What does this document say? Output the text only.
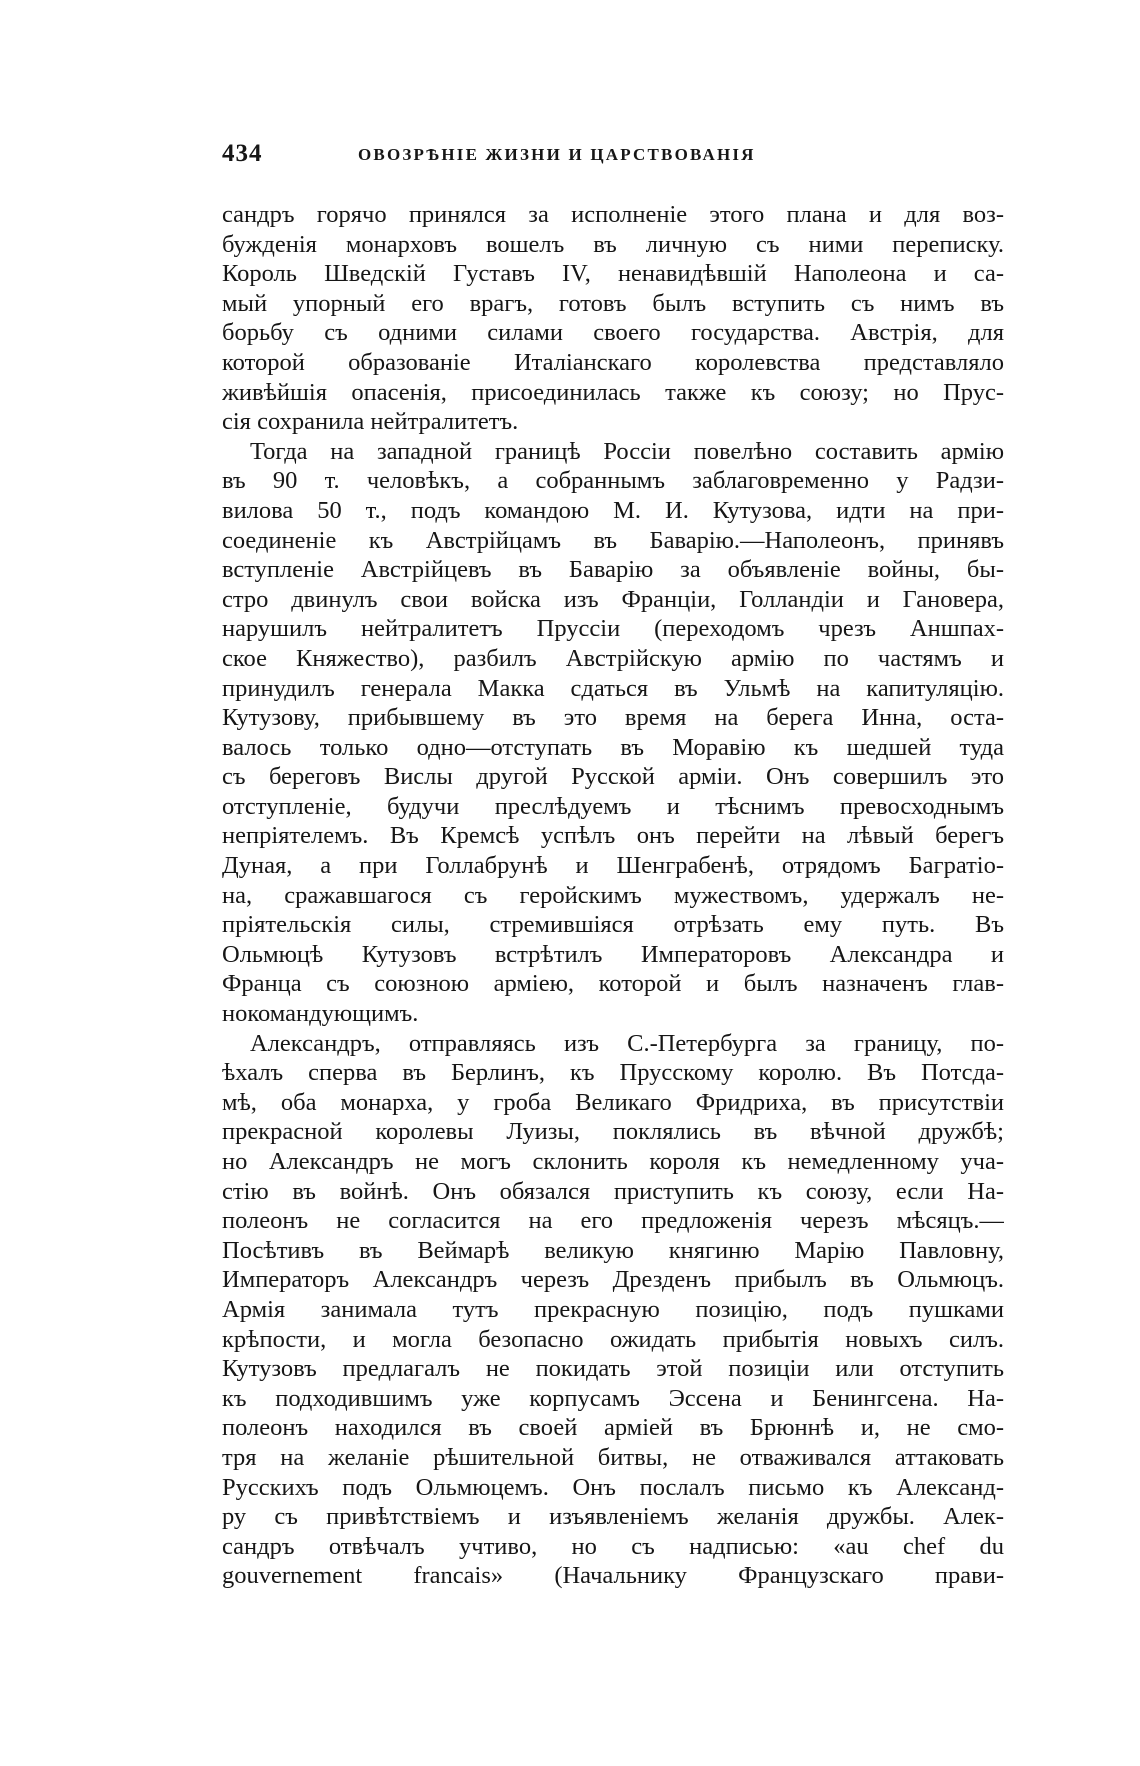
434	ОВОЗРѢНІЕ ЖИЗНИ И ЦАРСТВОВАНІЯ
сандръ горячо принялся за исполненіе этого плана и для воз-
бужденія монарховъ вошелъ въ личную съ ними переписку.
Король Шведскій Густавъ IV, ненавидѣвшій Наполеона и са-
мый упорный его врагъ, готовъ былъ вступить съ нимъ въ
борьбу съ одними силами своего государства. Австрія, для
которой образованіе Италіанскаго королевства представляло
живѣйшія опасенія, присоединилась также къ союзу; но Прус-
сія сохранила нейтралитетъ.
Тогда на западной границѣ Россіи повелѣно составить армію
въ 90 т. человѣкъ, а собраннымъ заблаговременно у Радзи-
вилова 50 т., подъ командою М. И. Кутузова, идти на при-
соединеніе къ Австрійцамъ въ Баварію.—Наполеонъ, принявъ
вступленіе Австрійцевъ въ Баварію за объявленіе войны, бы-
стро двинулъ свои войска изъ Франціи, Голландіи и Гановера,
нарушилъ нейтралитетъ Пруссіи (переходомъ чрезъ Аншпах-
ское Княжество), разбилъ Австрійскую армію по частямъ и
принудилъ генерала Макка сдаться въ Ульмѣ на капитуляцію.
Кутузову, прибывшему въ это время на берега Инна, оста-
валось только одно—отступать въ Моравію къ шедшей туда
съ береговъ Вислы другой Русской арміи. Онъ совершилъ это
отступленіе, будучи преслѣдуемъ и тѣснимъ превосходнымъ
непріятелемъ. Въ Кремсѣ успѣлъ онъ перейти на лѣвый берегъ
Дуная, а при Голлабрунѣ и Шенграбенѣ, отрядомъ Багратіо-
на, сражавшагося съ геройскимъ мужествомъ, удержалъ не-
пріятельскія силы, стремившіяся отрѣзать ему путь. Въ
Ольмюцѣ Кутузовъ встрѣтилъ Императоровъ Александра и
Франца съ союзною арміею, которой и былъ назначенъ глав-
нокомандующимъ.
Александръ, отправляясь изъ С.-Петербурга за границу, по-
ѣхалъ сперва въ Берлинъ, къ Прусскому королю. Въ Потсда-
мѣ, оба монарха, у гроба Великаго Фридриха, въ присутствіи
прекрасной королевы Луизы, поклялись въ вѣчной дружбѣ;
но Александръ не могъ склонить короля къ немедленному уча-
стію въ войнѣ. Онъ обязался приступить къ союзу, если На-
полеонъ не согласится на его предложенія черезъ мѣсяцъ.—
Посѣтивъ въ Веймарѣ великую княгиню Марію Павловну,
Императоръ Александръ черезъ Дрезденъ прибылъ въ Ольмюцъ.
Армія занимала тутъ прекрасную позицію, подъ пушками
крѣпости, и могла безопасно ожидать прибытія новыхъ силъ.
Кутузовъ предлагалъ не покидать этой позиціи или отступить
къ подходившимъ уже корпусамъ Эссена и Бенингсена. На-
полеонъ находился въ своей арміей въ Брюннѣ и, не смо-
тря на желаніе рѣшительной битвы, не отваживался аттаковать
Русскихъ подъ Ольмюцемъ. Онъ послалъ письмо къ Александ-
ру съ привѣтствіемъ и изъявленіемъ желанія дружбы. Алек-
сандръ отвѣчалъ учтиво, но съ надписью: «au chef du
gouvernement francais» (Начальнику Французскаго прави-
